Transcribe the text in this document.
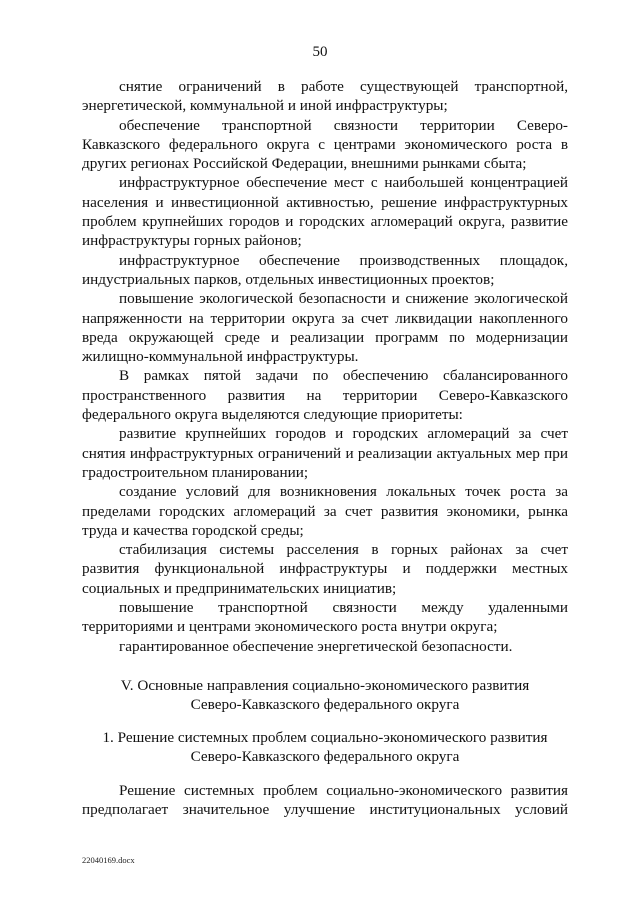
50

снятие ограничений в работе существующей транспортной, энергетической, коммунальной и иной инфраструктуры;

обеспечение транспортной связности территории Северо-Кавказского федерального округа с центрами экономического роста в других регионах Российской Федерации, внешними рынками сбыта;

инфраструктурное обеспечение мест с наибольшей концентрацией населения и инвестиционной активностью, решение инфраструктурных проблем крупнейших городов и городских агломераций округа, развитие инфраструктуры горных районов;

инфраструктурное обеспечение производственных площадок, индустриальных парков, отдельных инвестиционных проектов;

повышение экологической безопасности и снижение экологической напряженности на территории округа за счет ликвидации накопленного вреда окружающей среде и реализации программ по модернизации жилищно-коммунальной инфраструктуры.

В рамках пятой задачи по обеспечению сбалансированного пространственного развития на территории Северо-Кавказского федерального округа выделяются следующие приоритеты:

развитие крупнейших городов и городских агломераций за счет снятия инфраструктурных ограничений и реализации актуальных мер при градостроительном планировании;

создание условий для возникновения локальных точек роста за пределами городских агломераций за счет развития экономики, рынка труда и качества городской среды;

стабилизация системы расселения в горных районах за счет развития функциональной инфраструктуры и поддержки местных социальных и предпринимательских инициатив;

повышение транспортной связности между удаленными территориями и центрами экономического роста внутри округа;

гарантированное обеспечение энергетической безопасности.

V. Основные направления социально-экономического развития
Северо-Кавказского федерального округа
1. Решение системных проблем социально-экономического развития
Северо-Кавказского федерального округа

Решение системных проблем социально-экономического развития предполагает значительное улучшение институциональных условий

22040169.docx
